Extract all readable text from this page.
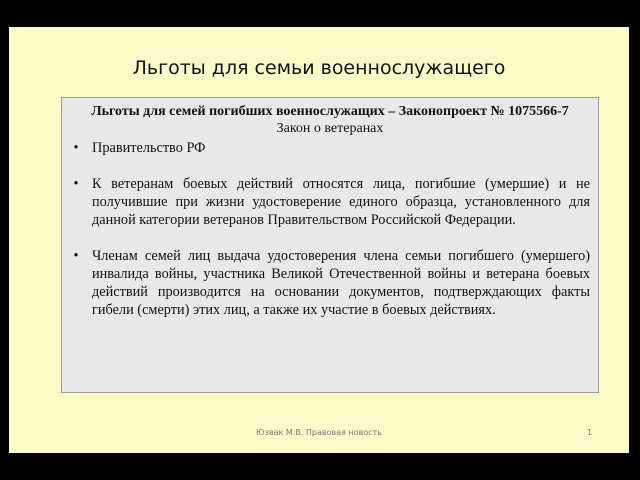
Льготы для семьи военнослужащего
Льготы для семей погибших военнослужащих – Законопроект № 1075566-7
Закон о ветеранах
• Правительство РФ
• К ветеранам боевых действий относятся лица, погибшие (умершие) и не получившие при жизни удостоверение единого образца, установленного для данной категории ветеранов Правительством Российской Федерации.
• Членам семей лиц выдача удостоверения члена семьи погибшего (умершего) инвалида войны, участника Великой Отечественной войны и ветерана боевых действий производится на основании документов, подтверждающих факты гибели (смерти) этих лиц, а также их участие в боевых действиях.
Юзвак М.В. Правовая новость	1
